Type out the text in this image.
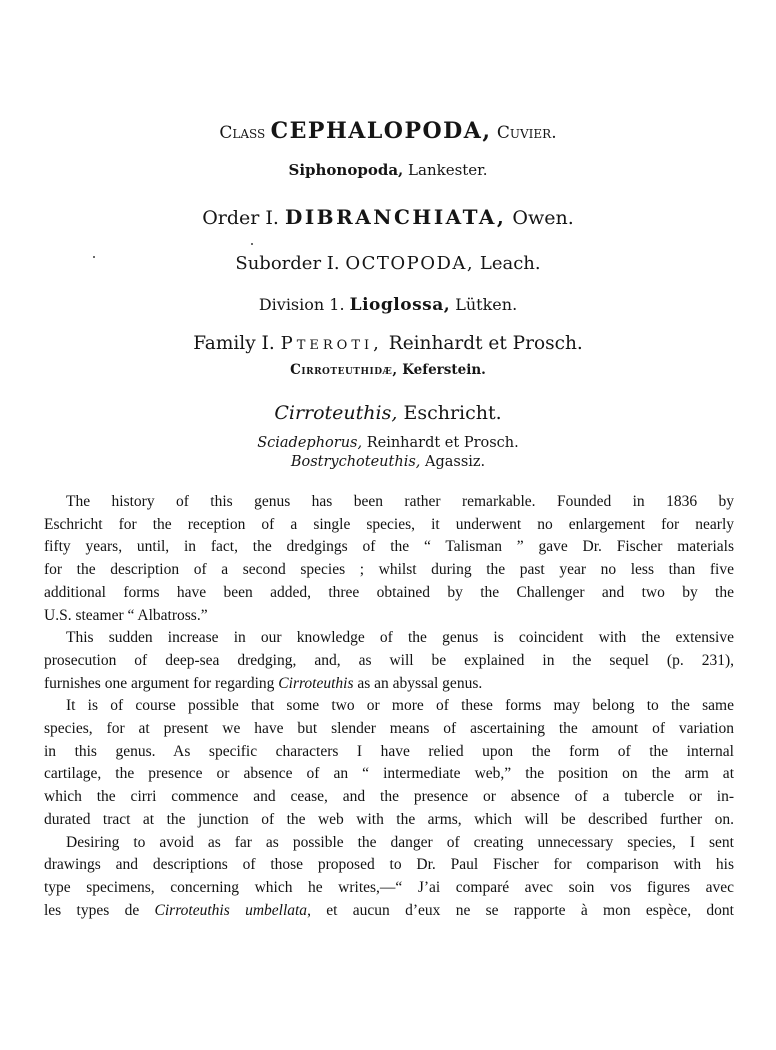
Class CEPHALOPODA, Cuvier.
Siphonopoda, Lankester.
Order I. DIBRANCHIATA, Owen.
Suborder I. OCTOPODA, Leach.
Division 1. Lioglossa, Lütken.
Family I. Pteroti, Reinhardt et Prosch.
Cirroteuthidæ, Keferstein.
Cirroteuthis, Eschricht.
Sciadephorus, Reinhardt et Prosch.
Bostrychoteuthis, Agassiz.
The history of this genus has been rather remarkable. Founded in 1836 by
Eschricht for the reception of a single species, it underwent no enlargement for nearly
fifty years, until, in fact, the dredgings of the “ Talisman ” gave Dr. Fischer materials
for the description of a second species ; whilst during the past year no less than five
additional forms have been added, three obtained by the Challenger and two by the
U.S. steamer “ Albatross.”
This sudden increase in our knowledge of the genus is coincident with the extensive
prosecution of deep-sea dredging, and, as will be explained in the sequel (p. 231),
furnishes one argument for regarding Cirroteuthis as an abyssal genus.
It is of course possible that some two or more of these forms may belong to the same
species, for at present we have but slender means of ascertaining the amount of variation
in this genus. As specific characters I have relied upon the form of the internal
cartilage, the presence or absence of an “ intermediate web,” the position on the arm at
which the cirri commence and cease, and the presence or absence of a tubercle or in-
durated tract at the junction of the web with the arms, which will be described further on.
Desiring to avoid as far as possible the danger of creating unnecessary species, I sent
drawings and descriptions of those proposed to Dr. Paul Fischer for comparison with his
type specimens, concerning which he writes,—“ J’ai comparé avec soin vos figures avec
les types de Cirroteuthis umbellata, et aucun d’eux ne se rapporte à mon espèce, dont
